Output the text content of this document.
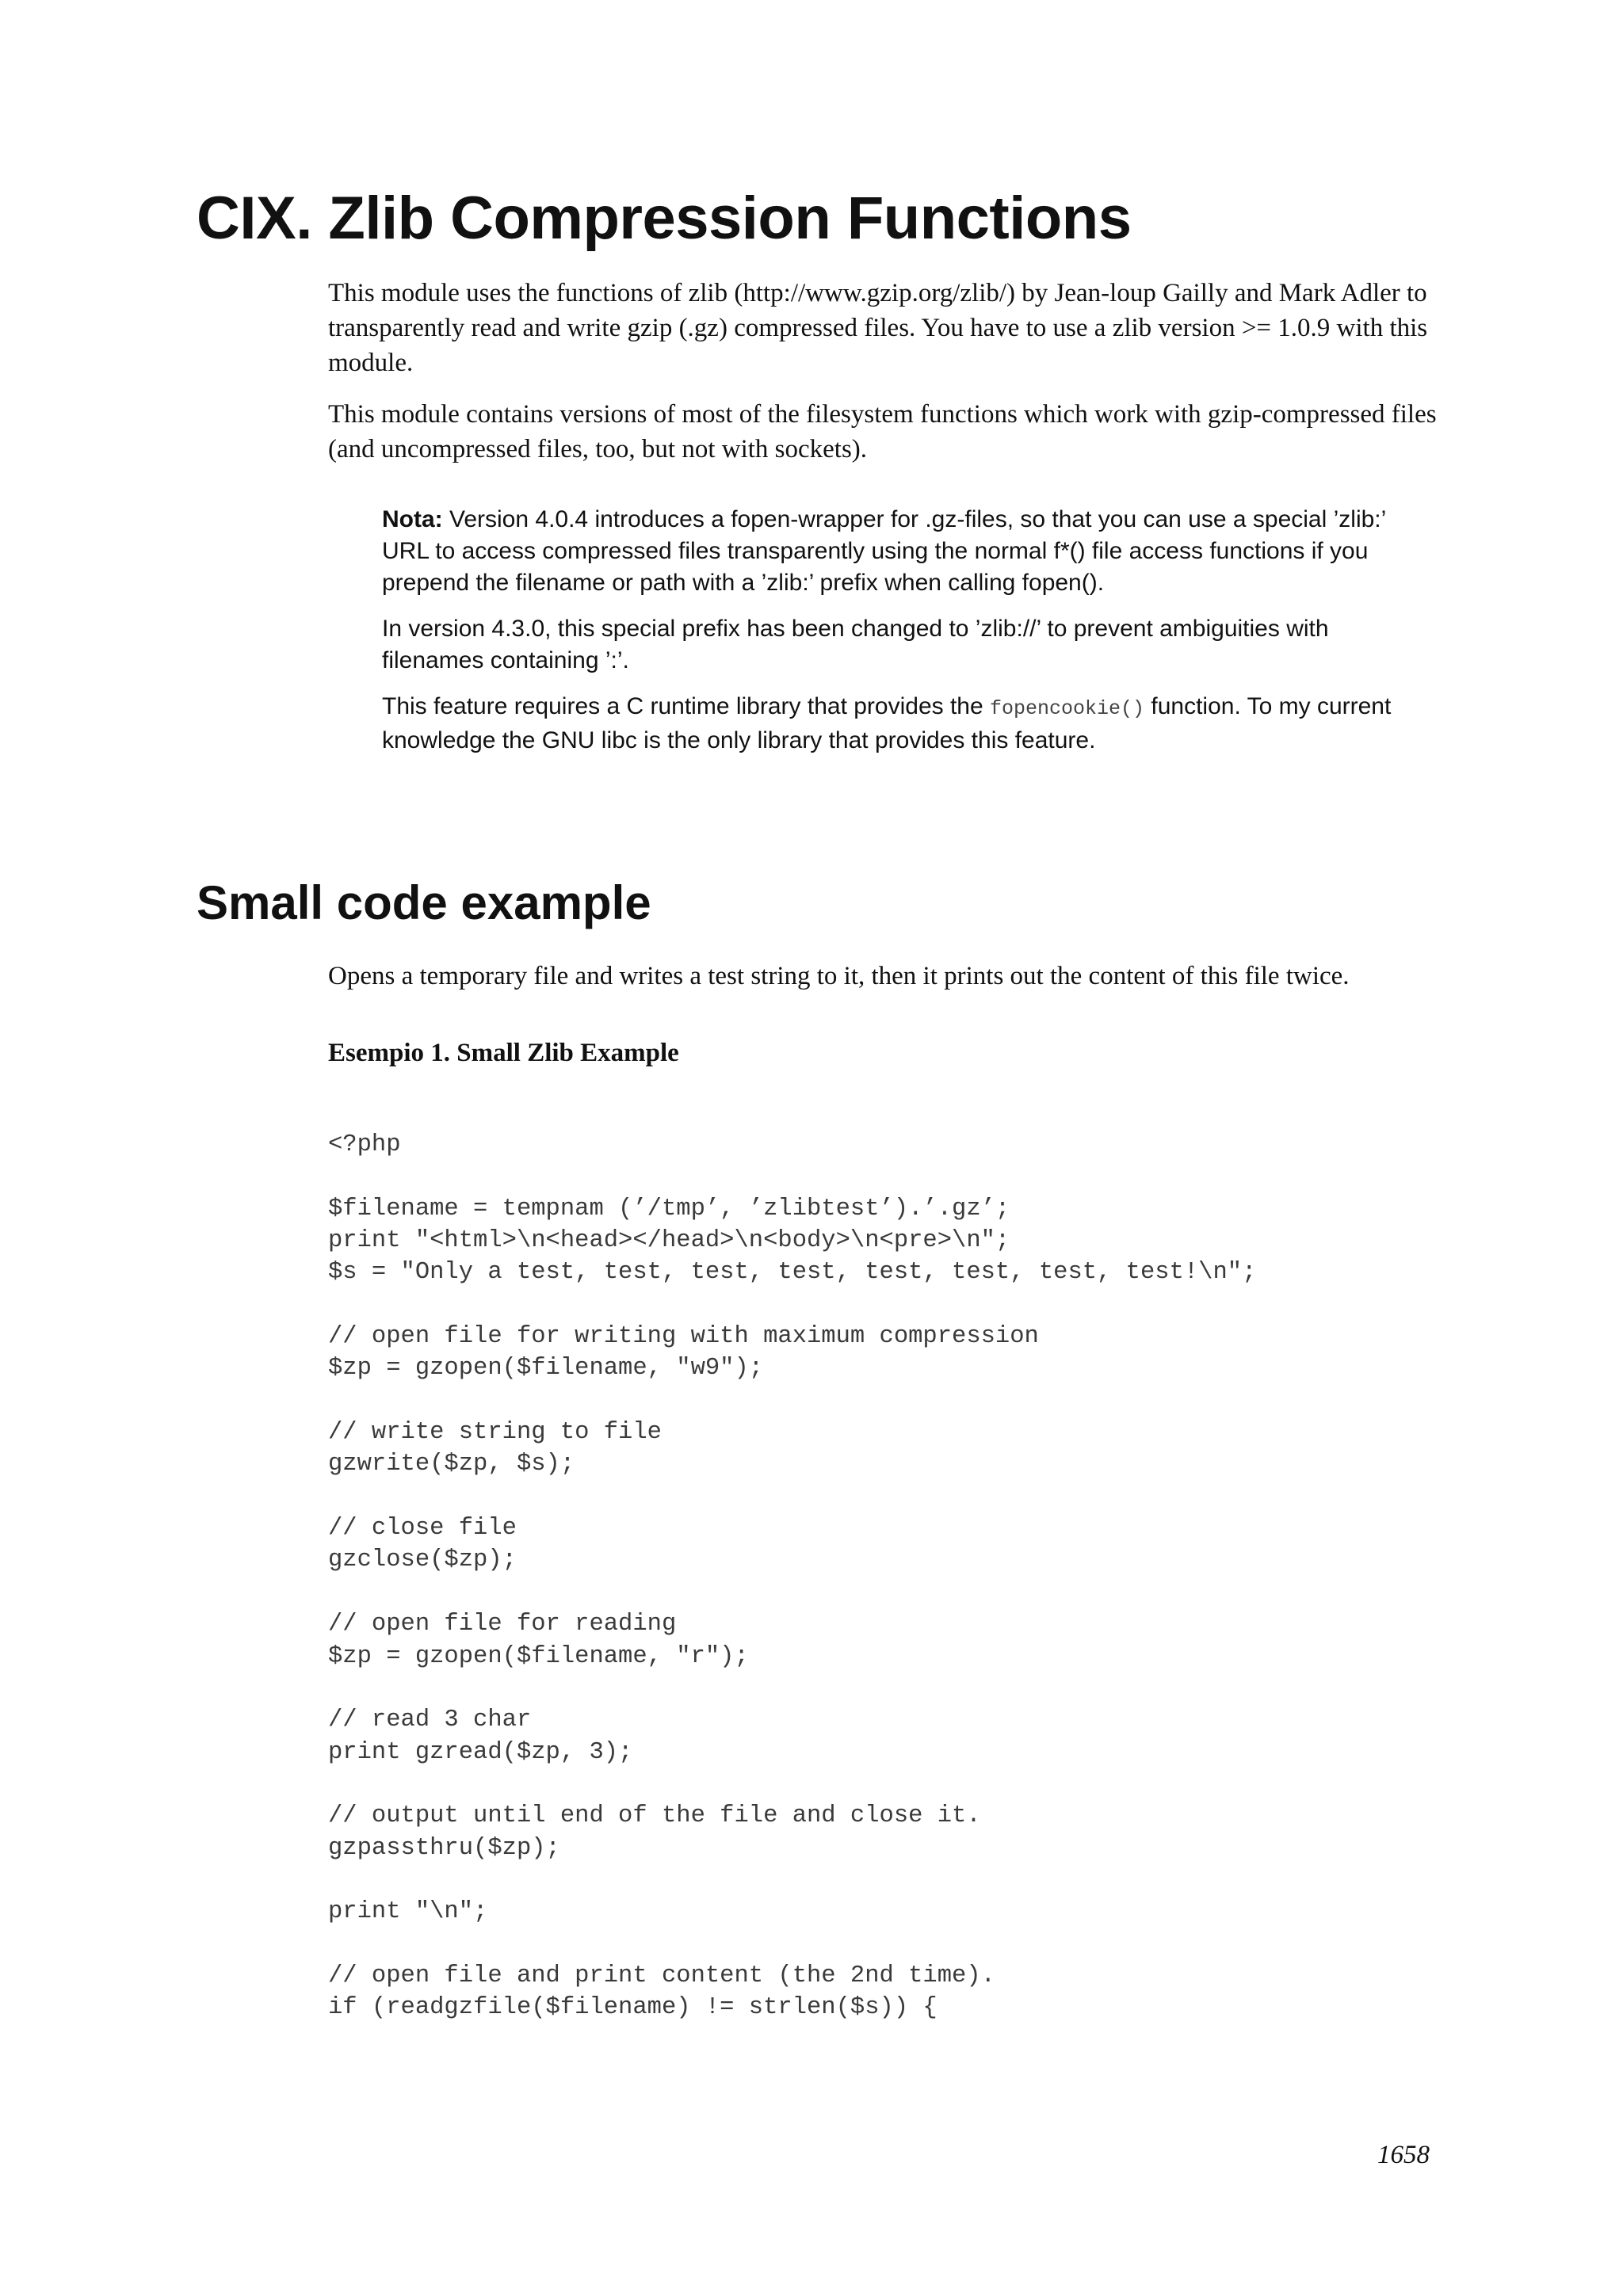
CIX. Zlib Compression Functions

This module uses the functions of zlib (http://www.gzip.org/zlib/) by Jean-loup Gailly and Mark Adler to transparently read and write gzip (.gz) compressed files. You have to use a zlib version >= 1.0.9 with this module.

This module contains versions of most of the filesystem functions which work with gzip-compressed files (and uncompressed files, too, but not with sockets).

Nota: Version 4.0.4 introduces a fopen-wrapper for .gz-files, so that you can use a special ’zlib:’ URL to access compressed files transparently using the normal f*() file access functions if you prepend the filename or path with a ’zlib:’ prefix when calling fopen().

In version 4.3.0, this special prefix has been changed to ’zlib://’ to prevent ambiguities with filenames containing ’:’.

This feature requires a C runtime library that provides the fopencookie() function. To my current knowledge the GNU libc is the only library that provides this feature.

Small code example

Opens a temporary file and writes a test string to it, then it prints out the content of this file twice.

Esempio 1. Small Zlib Example

<?php
$filename = tempnam (’/tmp’, ’zlibtest’).’.gz’;
print "<html>\n<head></head>\n<body>\n<pre>\n";
$s = "Only a test, test, test, test, test, test, test, test!\n";
// open file for writing with maximum compression
$zp = gzopen($filename, "w9");
// write string to file
gzwrite($zp, $s);
// close file
gzclose($zp);
// open file for reading
$zp = gzopen($filename, "r");
// read 3 char
print gzread($zp, 3);
// output until end of the file and close it.
gzpassthru($zp);
print "\n";
// open file and print content (the 2nd time).
if (readgzfile($filename) != strlen($s)) {

1658
